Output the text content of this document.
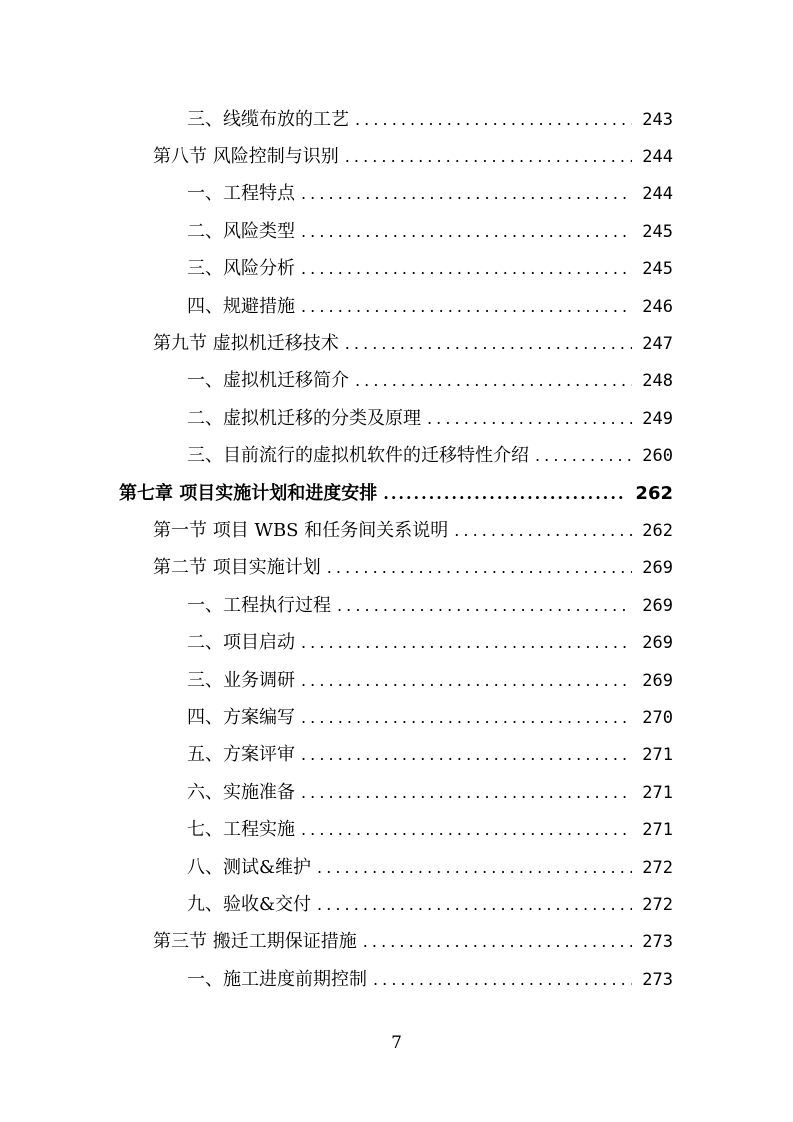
三、线缆布放的工艺 . . .	243
第八节 风险控制与识别 . . .	244
一、工程特点 . . .	244
二、风险类型 . . .	245
三、风险分析 . . .	245
四、规避措施 . . .	246
第九节 虚拟机迁移技术 . . .	247
一、虚拟机迁移简介 . . .	248
二、虚拟机迁移的分类及原理 . . .	249
三、目前流行的虚拟机软件的迁移特性介绍 . . .	260
第七章 项目实施计划和进度安排 .....	262
第一节 项目 WBS 和任务间关系说明 . . .	262
第二节 项目实施计划 . . .	269
一、工程执行过程 . . .	269
二、项目启动 . . .	269
三、业务调研 . . .	269
四、方案编写 . . .	270
五、方案评审 . . .	271
六、实施准备 . . .	271
七、工程实施 . . .	271
八、测试&维护 . . .	272
九、验收&交付 . . .	272
第三节 搬迁工期保证措施 . . .	273
一、施工进度前期控制 . . .	273
7
